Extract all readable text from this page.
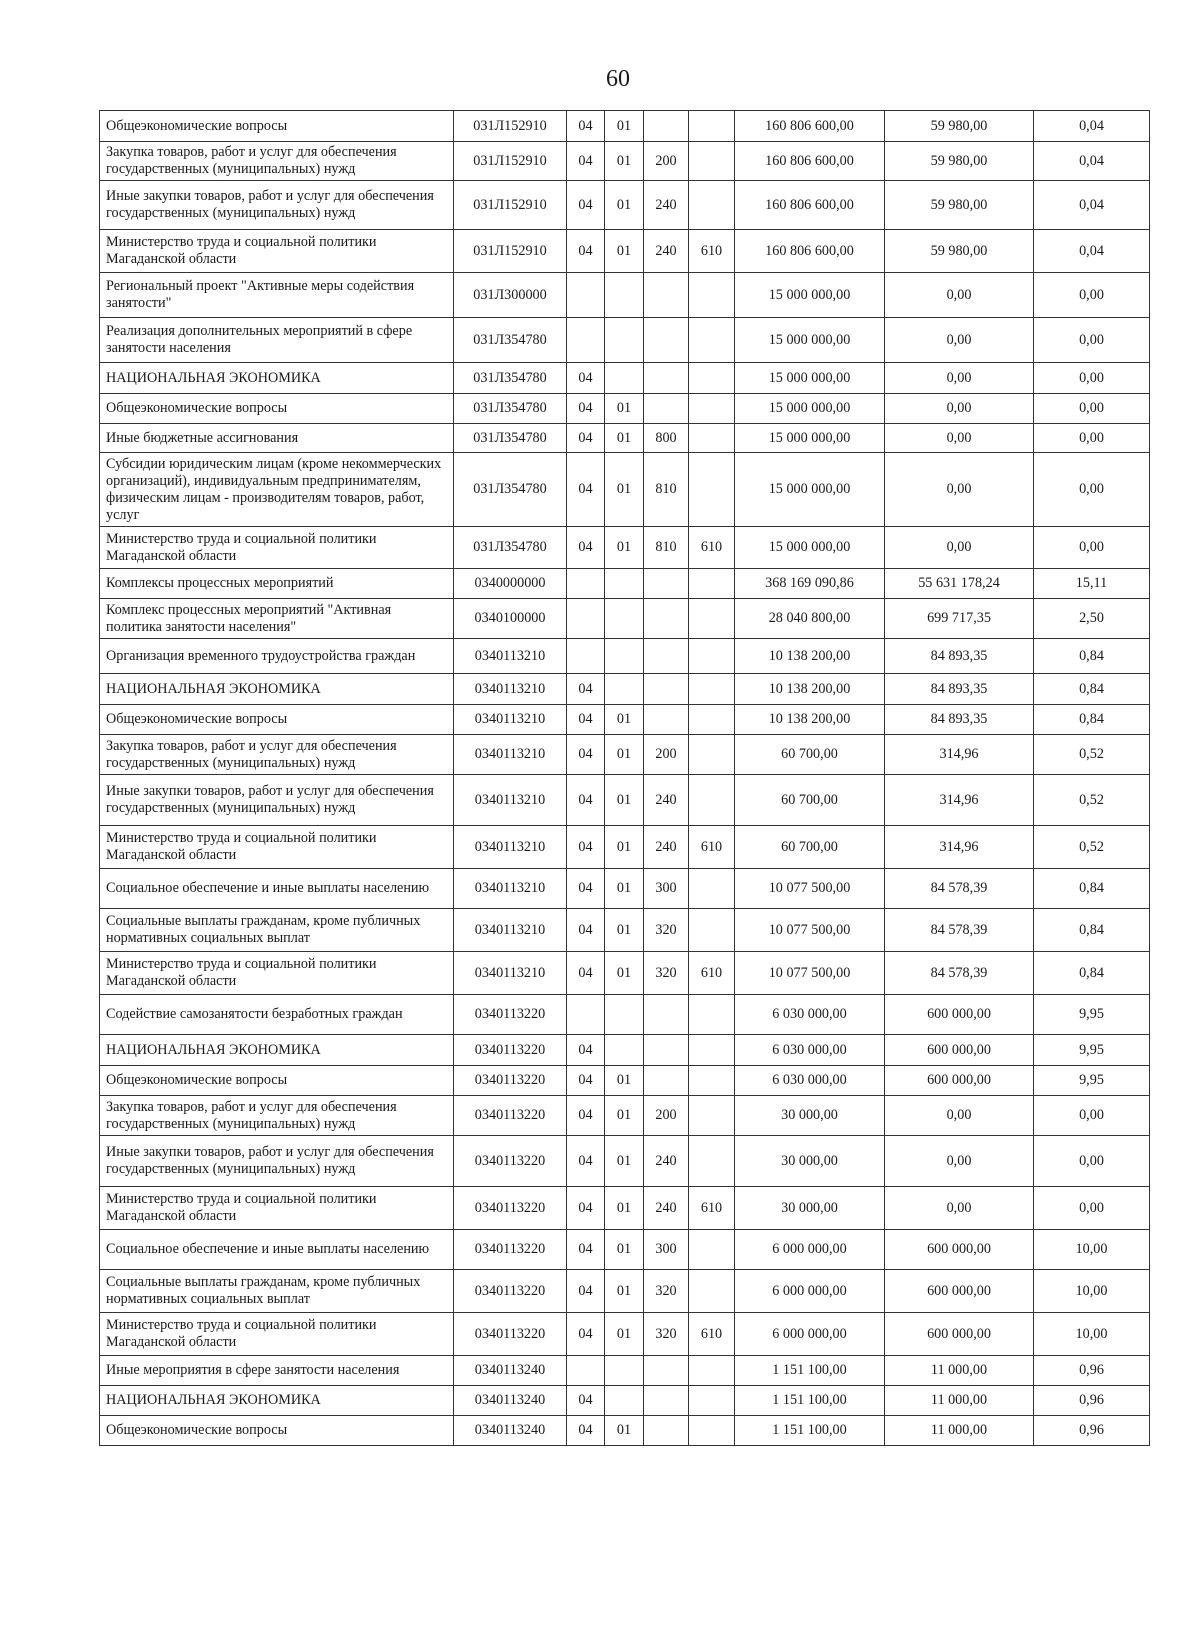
60
Общеэкономические вопросы	031Л152910	04	01			160 806 600,00	59 980,00	0,04
Закупка товаров, работ и услуг для обеспечения государственных (муниципальных) нужд	031Л152910	04	01	200		160 806 600,00	59 980,00	0,04
Иные закупки товаров, работ и услуг для обеспечения государственных (муниципальных) нужд	031Л152910	04	01	240		160 806 600,00	59 980,00	0,04
Министерство труда и социальной политики Магаданской области	031Л152910	04	01	240	610	160 806 600,00	59 980,00	0,04
Региональный проект "Активные меры содействия занятости"	031Л300000					15 000 000,00	0,00	0,00
Реализация дополнительных мероприятий в сфере занятости населения	031Л354780					15 000 000,00	0,00	0,00
НАЦИОНАЛЬНАЯ ЭКОНОМИКА	031Л354780	04				15 000 000,00	0,00	0,00
Общеэкономические вопросы	031Л354780	04	01			15 000 000,00	0,00	0,00
Иные бюджетные ассигнования	031Л354780	04	01	800		15 000 000,00	0,00	0,00
Субсидии юридическим лицам (кроме некоммерческих организаций), индивидуальным предпринимателям, физическим лицам - производителям товаров, работ, услуг	031Л354780	04	01	810		15 000 000,00	0,00	0,00
Министерство труда и социальной политики Магаданской области	031Л354780	04	01	810	610	15 000 000,00	0,00	0,00
Комплексы процессных мероприятий	0340000000					368 169 090,86	55 631 178,24	15,11
Комплекс процессных мероприятий "Активная политика занятости населения"	0340100000					28 040 800,00	699 717,35	2,50
Организация временного трудоустройства граждан	0340113210					10 138 200,00	84 893,35	0,84
НАЦИОНАЛЬНАЯ ЭКОНОМИКА	0340113210	04				10 138 200,00	84 893,35	0,84
Общеэкономические вопросы	0340113210	04	01			10 138 200,00	84 893,35	0,84
Закупка товаров, работ и услуг для обеспечения государственных (муниципальных) нужд	0340113210	04	01	200		60 700,00	314,96	0,52
Иные закупки товаров, работ и услуг для обеспечения государственных (муниципальных) нужд	0340113210	04	01	240		60 700,00	314,96	0,52
Министерство труда и социальной политики Магаданской области	0340113210	04	01	240	610	60 700,00	314,96	0,52
Социальное обеспечение и иные выплаты населению	0340113210	04	01	300		10 077 500,00	84 578,39	0,84
Социальные выплаты гражданам, кроме публичных нормативных социальных выплат	0340113210	04	01	320		10 077 500,00	84 578,39	0,84
Министерство труда и социальной политики Магаданской области	0340113210	04	01	320	610	10 077 500,00	84 578,39	0,84
Содействие самозанятости безработных граждан	0340113220					6 030 000,00	600 000,00	9,95
НАЦИОНАЛЬНАЯ ЭКОНОМИКА	0340113220	04				6 030 000,00	600 000,00	9,95
Общеэкономические вопросы	0340113220	04	01			6 030 000,00	600 000,00	9,95
Закупка товаров, работ и услуг для обеспечения государственных (муниципальных) нужд	0340113220	04	01	200		30 000,00	0,00	0,00
Иные закупки товаров, работ и услуг для обеспечения государственных (муниципальных) нужд	0340113220	04	01	240		30 000,00	0,00	0,00
Министерство труда и социальной политики Магаданской области	0340113220	04	01	240	610	30 000,00	0,00	0,00
Социальное обеспечение и иные выплаты населению	0340113220	04	01	300		6 000 000,00	600 000,00	10,00
Социальные выплаты гражданам, кроме публичных нормативных социальных выплат	0340113220	04	01	320		6 000 000,00	600 000,00	10,00
Министерство труда и социальной политики Магаданской области	0340113220	04	01	320	610	6 000 000,00	600 000,00	10,00
Иные мероприятия в сфере занятости населения	0340113240					1 151 100,00	11 000,00	0,96
НАЦИОНАЛЬНАЯ ЭКОНОМИКА	0340113240	04				1 151 100,00	11 000,00	0,96
Общеэкономические вопросы	0340113240	04	01			1 151 100,00	11 000,00	0,96
